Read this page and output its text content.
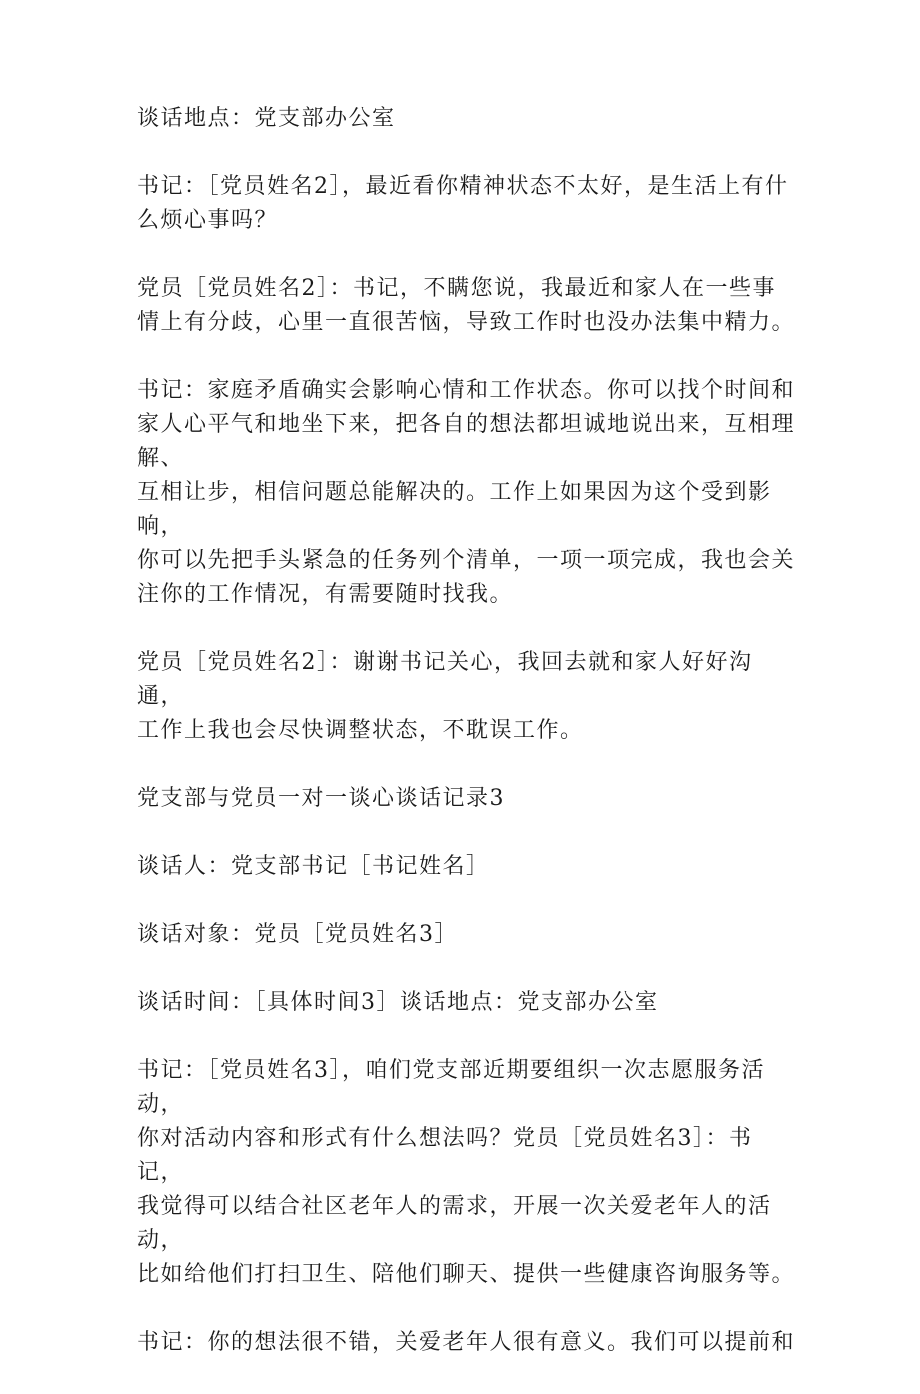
谈话地点：党支部办公室

书记：［党员姓名2］，最近看你精神状态不太好，是生活上有什
么烦心事吗？

党员［党员姓名2］：书记，不瞒您说，我最近和家人在一些事
情上有分歧，心里一直很苦恼，导致工作时也没办法集中精力。

书记：家庭矛盾确实会影响心情和工作状态。你可以找个时间和
家人心平气和地坐下来，把各自的想法都坦诚地说出来，互相理解、
互相让步，相信问题总能解决的。工作上如果因为这个受到影响，
你可以先把手头紧急的任务列个清单，一项一项完成，我也会关
注你的工作情况，有需要随时找我。

党员［党员姓名2］：谢谢书记关心，我回去就和家人好好沟通，
工作上我也会尽快调整状态，不耽误工作。

党支部与党员一对一谈心谈话记录3

谈话人：党支部书记［书记姓名］

谈话对象：党员［党员姓名3］

谈话时间：［具体时间3］谈话地点：党支部办公室

书记：［党员姓名3］，咱们党支部近期要组织一次志愿服务活动，
你对活动内容和形式有什么想法吗？党员［党员姓名3］：书记，
我觉得可以结合社区老年人的需求，开展一次关爱老年人的活动，
比如给他们打扫卫生、陪他们聊天、提供一些健康咨询服务等。

书记：你的想法很不错，关爱老年人很有意义。我们可以提前和
